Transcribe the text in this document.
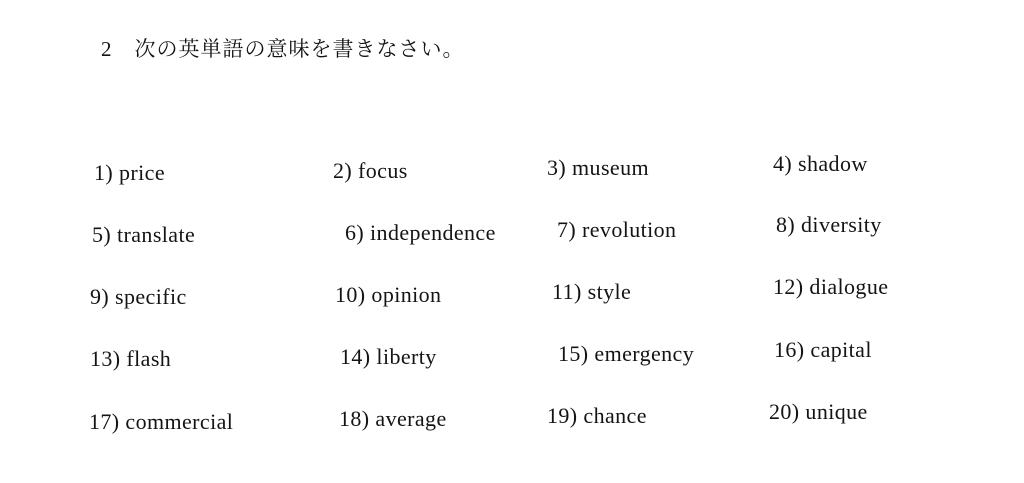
2 次の英単語の意味を書きなさい。
1) price	2) focus	3) museum	4) shadow
5) translate	6) independence	7) revolution	8) diversity
9) specific	10) opinion	11) style	12) dialogue
13) flash	14) liberty	15) emergency	16) capital
17) commercial	18) average	19) chance	20) unique
